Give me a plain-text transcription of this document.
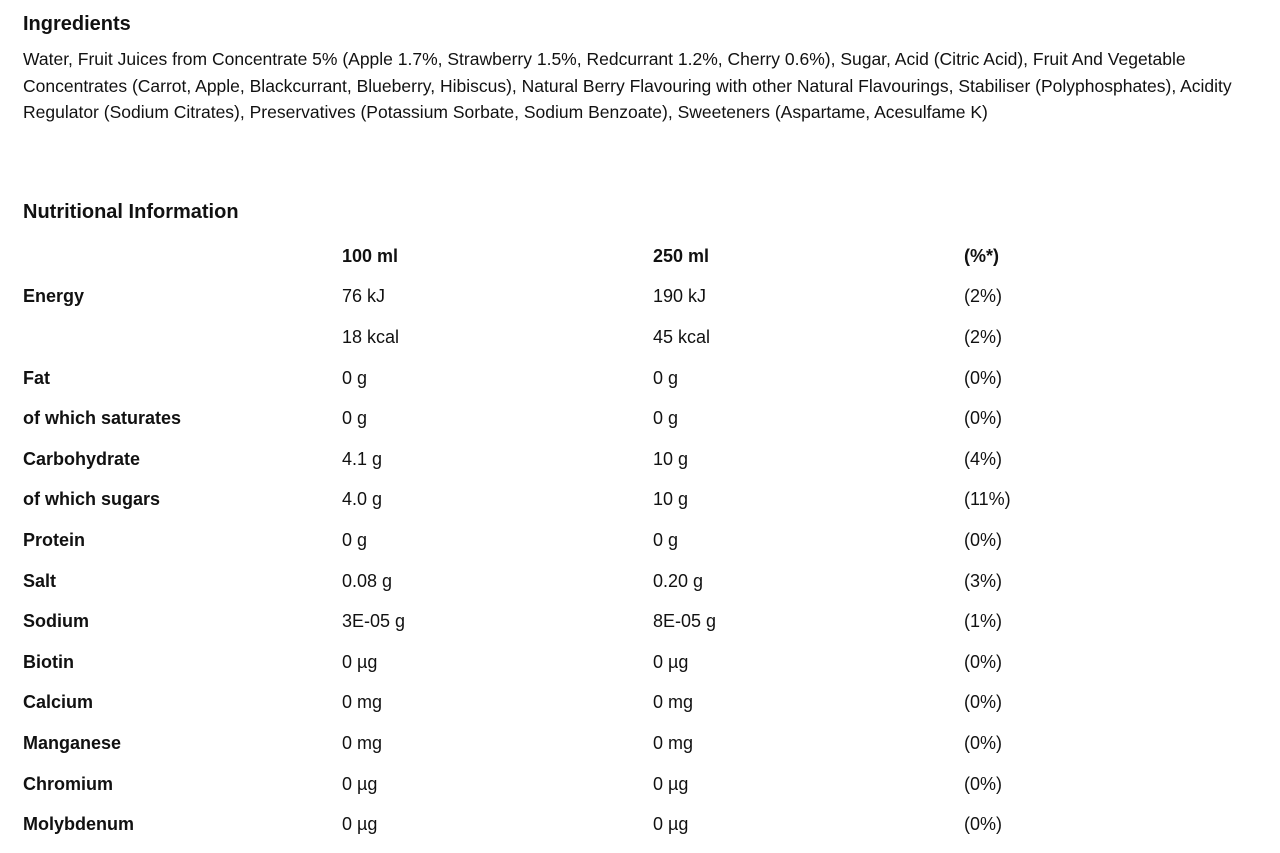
Ingredients

Water, Fruit Juices from Concentrate 5% (Apple 1.7%, Strawberry 1.5%, Redcurrant 1.2%, Cherry 0.6%), Sugar, Acid (Citric Acid), Fruit And Vegetable Concentrates (Carrot, Apple, Blackcurrant, Blueberry, Hibiscus), Natural Berry Flavouring with other Natural Flavourings, Stabiliser (Polyphosphates), Acidity Regulator (Sodium Citrates), Preservatives (Potassium Sorbate, Sodium Benzoate), Sweeteners (Aspartame, Acesulfame K)

Nutritional Information
	100 ml	250 ml	(%*)
Energy	76 kJ	190 kJ	(2%)
	18 kcal	45 kcal	(2%)
Fat	0 g	0 g	(0%)
of which saturates	0 g	0 g	(0%)
Carbohydrate	4.1 g	10 g	(4%)
of which sugars	4.0 g	10 g	(11%)
Protein	0 g	0 g	(0%)
Salt	0.08 g	0.20 g	(3%)
Sodium	3E-05 g	8E-05 g	(1%)
Biotin	0 µg	0 µg	(0%)
Calcium	0 mg	0 mg	(0%)
Manganese	0 mg	0 mg	(0%)
Chromium	0 µg	0 µg	(0%)
Molybdenum	0 µg	0 µg	(0%)
